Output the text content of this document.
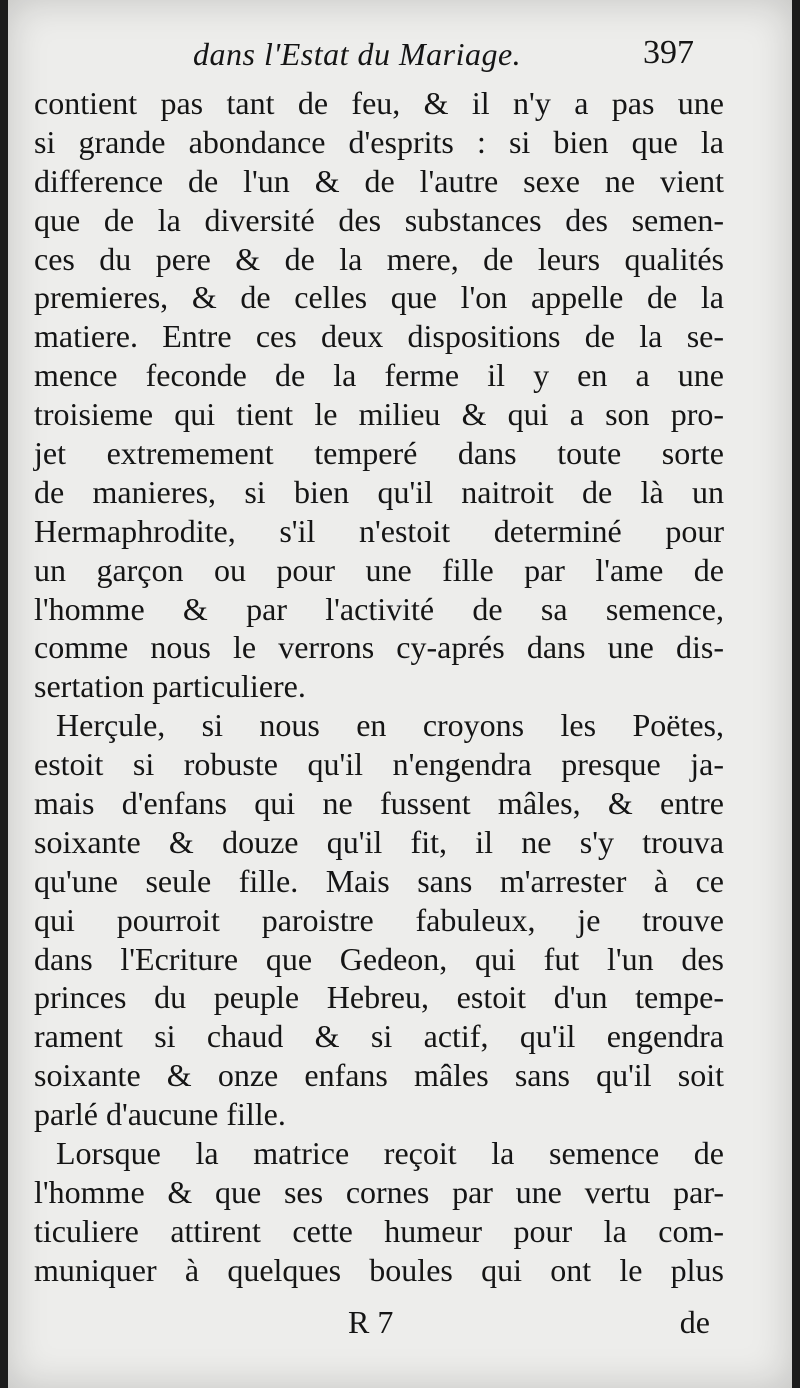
dans l'Estat du Mariage.	397
contient pas tant de feu, & il n'y a pas une
si grande abondance d'esprits : si bien que la
difference de l'un & de l'autre sexe ne vient
que de la diversité des substances des semen-
ces du pere & de la mere, de leurs qualités
premieres, & de celles que l'on appelle de la
matiere. Entre ces deux dispositions de la se-
mence feconde de la ferme il y en a une
troisieme qui tient le milieu & qui a son pro-
jet extremement temperé dans toute sorte
de manieres, si bien qu'il naitroit de là un
Hermaphrodite, s'il n'estoit determiné pour
un garçon ou pour une fille par l'ame de
l'homme & par l'activité de sa semence,
comme nous le verrons cy-aprés dans une dis-
sertation particuliere.
Herçule, si nous en croyons les Poëtes,
estoit si robuste qu'il n'engendra presque ja-
mais d'enfans qui ne fussent mâles, & entre
soixante & douze qu'il fit, il ne s'y trouva
qu'une seule fille. Mais sans m'arrester à ce
qui pourroit paroistre fabuleux, je trouve
dans l'Ecriture que Gedeon, qui fut l'un des
princes du peuple Hebreu, estoit d'un tempe-
rament si chaud & si actif, qu'il engendra
soixante & onze enfans mâles sans qu'il soit
parlé d'aucune fille.
Lorsque la matrice reçoit la semence de
l'homme & que ses cornes par une vertu par-
ticuliere attirent cette humeur pour la com-
muniquer à quelques boules qui ont le plus
R 7	de
